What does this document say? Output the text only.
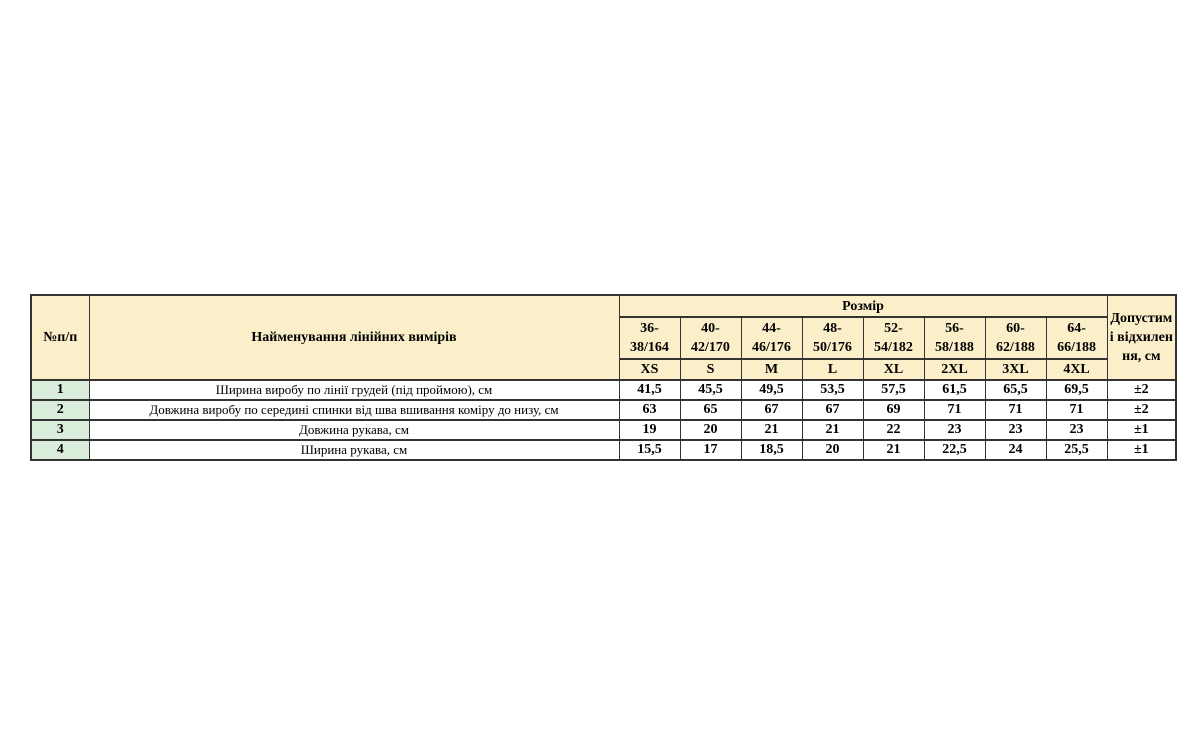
№п/п	Найменування лінійних вимірів	Розмір								Допустимі відхилення, см
		36-38/164	40-42/170	44-46/176	48-50/176	52-54/182	56-58/188	60-62/188	64-66/188	
		XS	S	M	L	XL	2XL	3XL	4XL	
1	Ширина виробу по лінії грудей (під проймою), см	41,5	45,5	49,5	53,5	57,5	61,5	65,5	69,5	±2
2	Довжина виробу по середині спинки від шва вшивання коміру до низу, см	63	65	67	67	69	71	71	71	±2
3	Довжина рукава, см	19	20	21	21	22	23	23	23	±1
4	Ширина рукава, см	15,5	17	18,5	20	21	22,5	24	25,5	±1
